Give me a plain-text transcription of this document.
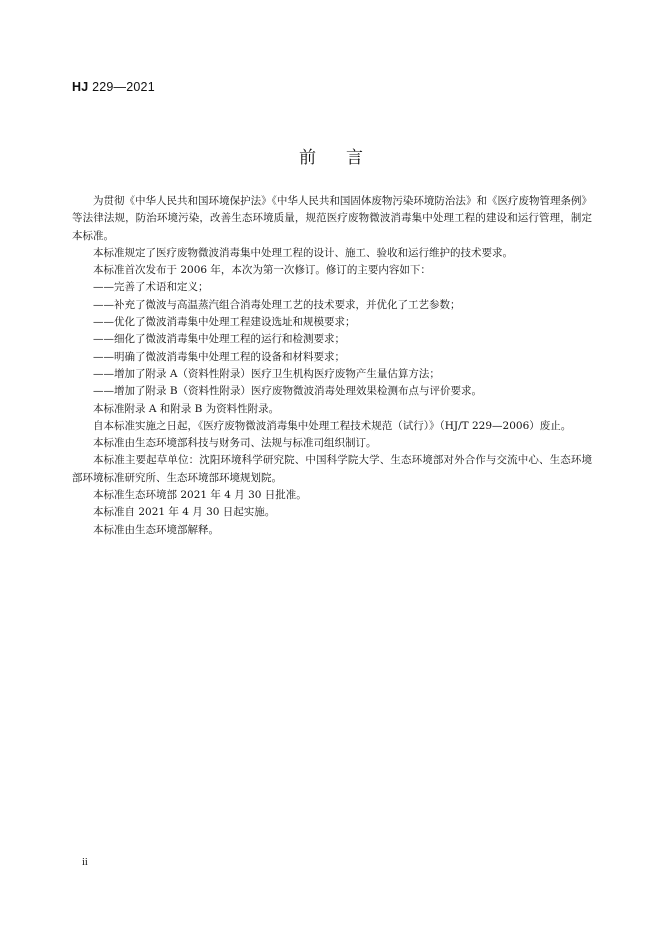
HJ 229—2021
前言

为贯彻《中华人民共和国环境保护法》《中华人民共和国固体废物污染环境防治法》和《医疗废物管理条例》等法律法规，防治环境污染，改善生态环境质量，规范医疗废物微波消毒集中处理工程的建设和运行管理，制定本标准。

本标准规定了医疗废物微波消毒集中处理工程的设计、施工、验收和运行维护的技术要求。

本标准首次发布于 2006 年，本次为第一次修订。修订的主要内容如下：

——完善了术语和定义；

——补充了微波与高温蒸汽组合消毒处理工艺的技术要求，并优化了工艺参数；

——优化了微波消毒集中处理工程建设选址和规模要求；

——细化了微波消毒集中处理工程的运行和检测要求；

——明确了微波消毒集中处理工程的设备和材料要求；

——增加了附录 A（资料性附录）医疗卫生机构医疗废物产生量估算方法；

——增加了附录 B（资料性附录）医疗废物微波消毒处理效果检测布点与评价要求。

本标准附录 A 和附录 B 为资料性附录。

自本标准实施之日起，《医疗废物微波消毒集中处理工程技术规范（试行）》（HJ/T 229—2006）废止。

本标准由生态环境部科技与财务司、法规与标准司组织制订。

本标准主要起草单位：沈阳环境科学研究院、中国科学院大学、生态环境部对外合作与交流中心、生态环境部环境标准研究所、生态环境部环境规划院。

本标准生态环境部 2021 年 4 月 30 日批准。

本标准自 2021 年 4 月 30 日起实施。

本标准由生态环境部解释。

ii
